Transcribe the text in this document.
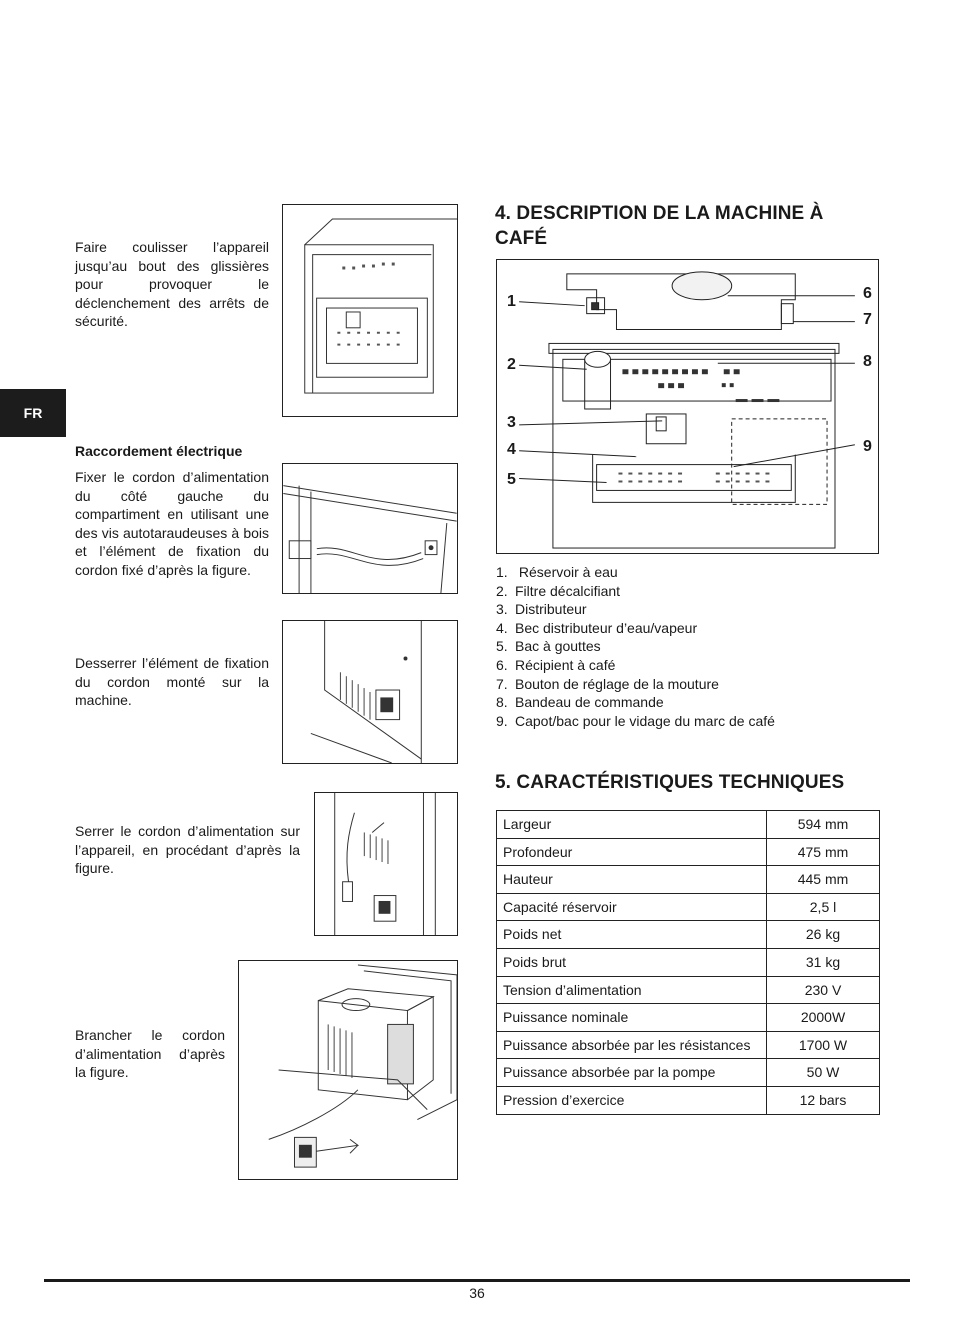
FR
Faire coulisser l’appareil jusqu’au bout des glissières pour provoquer le déclenchement des arrêts de sécurité.
Raccordement électrique
Fixer le cordon d’alimentation du côté gauche du compartiment en utilisant une des vis autotaraudeuses à bois et l’élément de fixation du cordon fixé d’après la figure.
Desserrer l’élément de fixation du cordon monté sur la machine.
Serrer le cordon d’alimentation sur l’appareil, en procédant d’après la figure.
Brancher le cordon d’alimentation d’après la figure.
4. DESCRIPTION DE LA MACHINE À CAFÉ
1
2
3
4
5
6
7
8
9
1. Réservoir à eau
2. Filtre décalcifiant
3. Distributeur
4. Bec distributeur d’eau/vapeur
5. Bac à gouttes
6. Récipient à café
7. Bouton de réglage de la mouture
8. Bandeau de commande
9. Capot/bac pour le vidage du marc de café
5. CARACTÉRISTIQUES TECHNIQUES
Largeur	594 mm
Profondeur	475 mm
Hauteur	445 mm
Capacité réservoir	2,5 l
Poids net	26 kg
Poids brut	31 kg
Tension d’alimentation	230 V
Puissance nominale	2000W
Puissance absorbée par les résistances	1700 W
Puissance absorbée par la pompe	50 W
Pression d’exercice	12 bars
36
